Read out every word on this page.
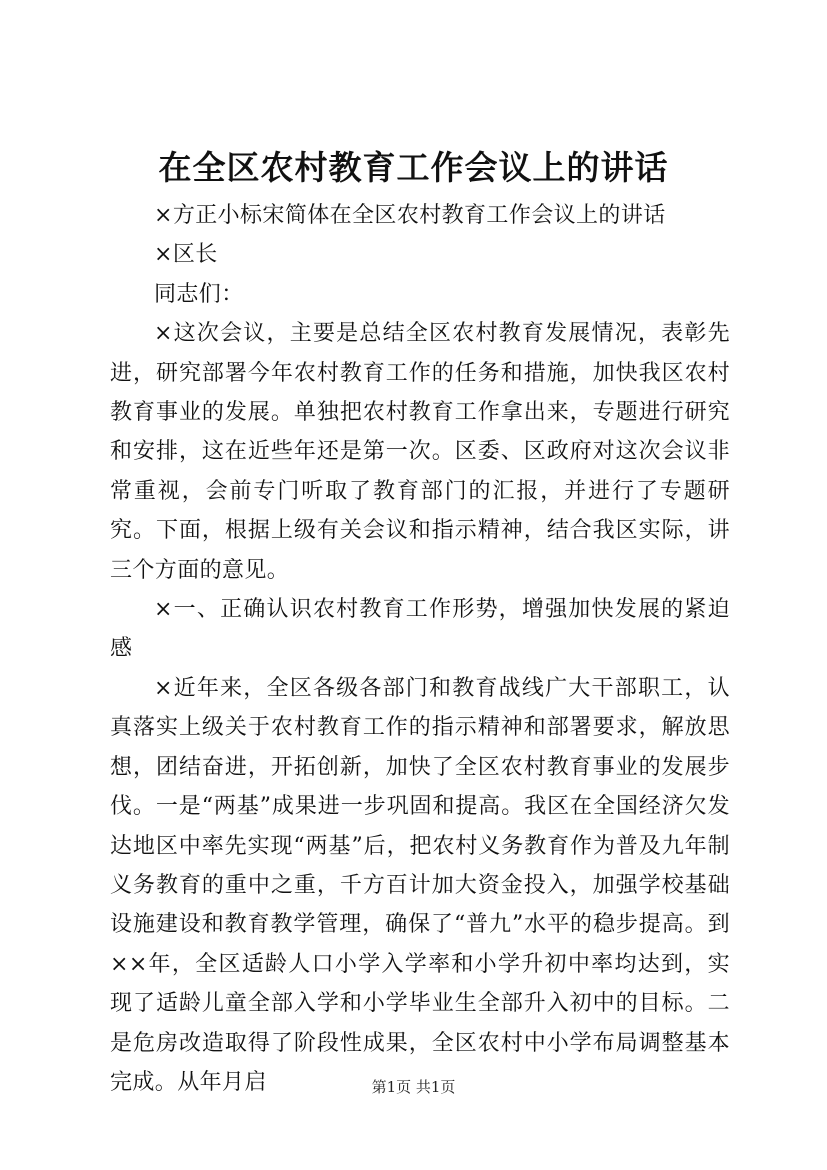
在全区农村教育工作会议上的讲话

×方正小标宋简体在全区农村教育工作会议上的讲话

×区长

同志们：

×这次会议，主要是总结全区农村教育发展情况，表彰先进，研究部署今年农村教育工作的任务和措施，加快我区农村教育事业的发展。单独把农村教育工作拿出来，专题进行研究和安排，这在近些年还是第一次。区委、区政府对这次会议非常重视，会前专门听取了教育部门的汇报，并进行了专题研究。下面，根据上级有关会议和指示精神，结合我区实际，讲三个方面的意见。

×一、正确认识农村教育工作形势，增强加快发展的紧迫感

×近年来，全区各级各部门和教育战线广大干部职工，认真落实上级关于农村教育工作的指示精神和部署要求，解放思想，团结奋进，开拓创新，加快了全区农村教育事业的发展步伐。一是“两基”成果进一步巩固和提高。我区在全国经济欠发达地区中率先实现“两基”后，把农村义务教育作为普及九年制义务教育的重中之重，千方百计加大资金投入，加强学校基础设施建设和教育教学管理，确保了“普九”水平的稳步提高。到××年，全区适龄人口小学入学率和小学升初中率均达到，实现了适龄儿童全部入学和小学毕业生全部升入初中的目标。二是危房改造取得了阶段性成果，全区农村中小学布局调整基本完成。从年月启	第1页 共1页
